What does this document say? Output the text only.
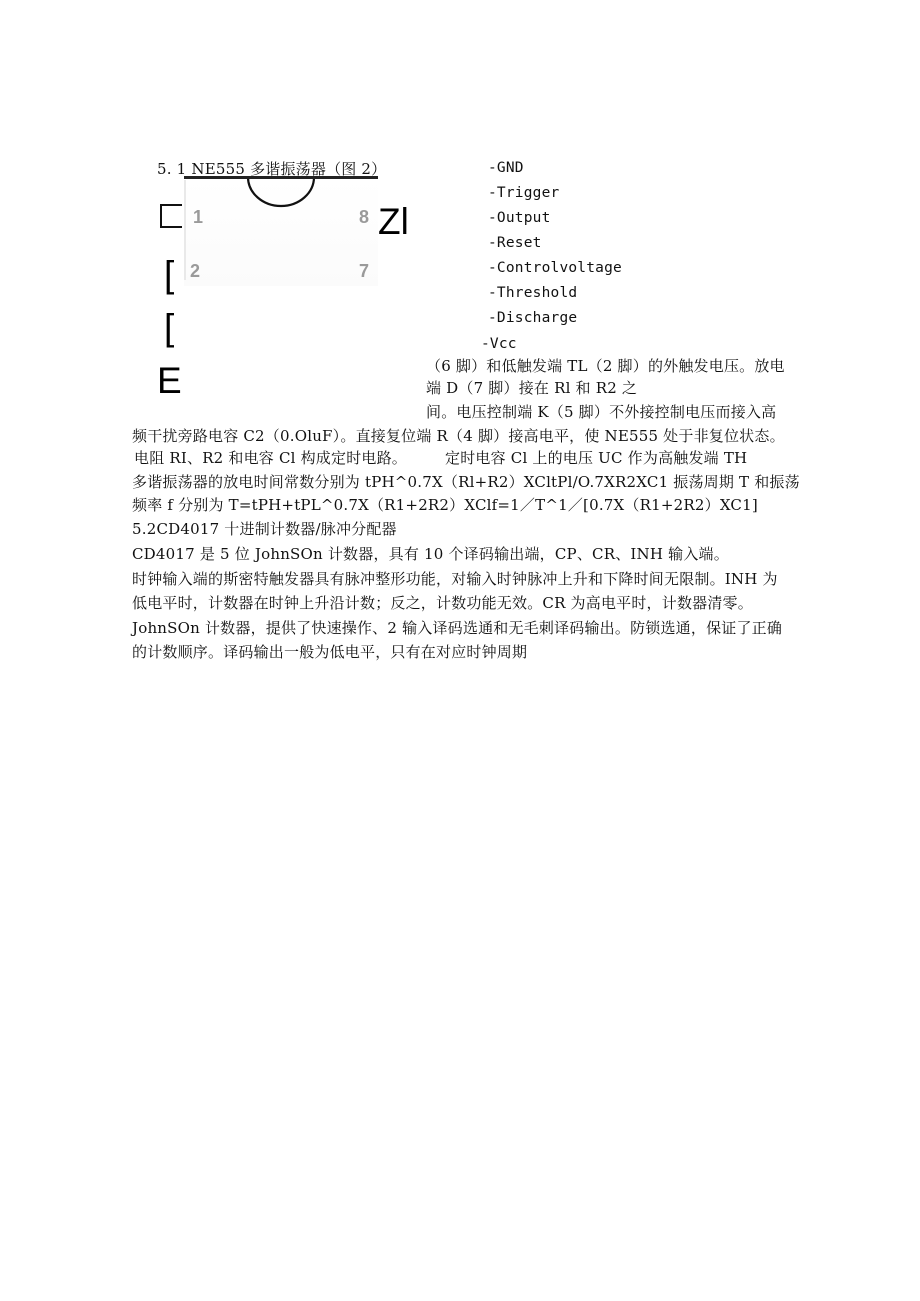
5. 1 NE555 多谐振荡器（图 2）
1
2
8
7
[
[
E
Zl
-GND
-Trigger
-Output
-Reset
-Controlvoltage
-Threshold
-Discharge
-Vcc
（6 脚）和低触发端 TL（2 脚）的外触发电压。放电
端 D（7 脚）接在 Rl 和 R2 之
间。电压控制端 K（5 脚）不外接控制电压而接入高
频干扰旁路电容 C2（0.OluF）。直接复位端 R（4 脚）接高电平，使 NE555 处于非复位状态。
电阻 RI、R2 和电容 Cl 构成定时电路。	定时电容 Cl 上的电压 UC 作为高触发端 TH
多谐振荡器的放电时间常数分别为 tPH^0.7X（Rl+R2）XCltPl/O.7XR2XC1 振荡周期 T 和振荡
频率 f 分别为 T=tPH+tPL^0.7X（R1+2R2）XClf=1／T^1／[0.7X（R1+2R2）XC1]
5.2CD4017 十进制计数器/脉冲分配器
CD4017 是 5 位 JohnSOn 计数器，具有 10 个译码输出端，CP、CR、INH 输入端。
时钟输入端的斯密特触发器具有脉冲整形功能，对输入时钟脉冲上升和下降时间无限制。INH 为
低电平时，计数器在时钟上升沿计数；反之，计数功能无效。CR 为高电平时，计数器清零。
JohnSOn 计数器，提供了快速操作、2 输入译码选通和无毛刺译码输出。防锁选通，保证了正确
的计数顺序。译码输出一般为低电平，只有在对应时钟周期
